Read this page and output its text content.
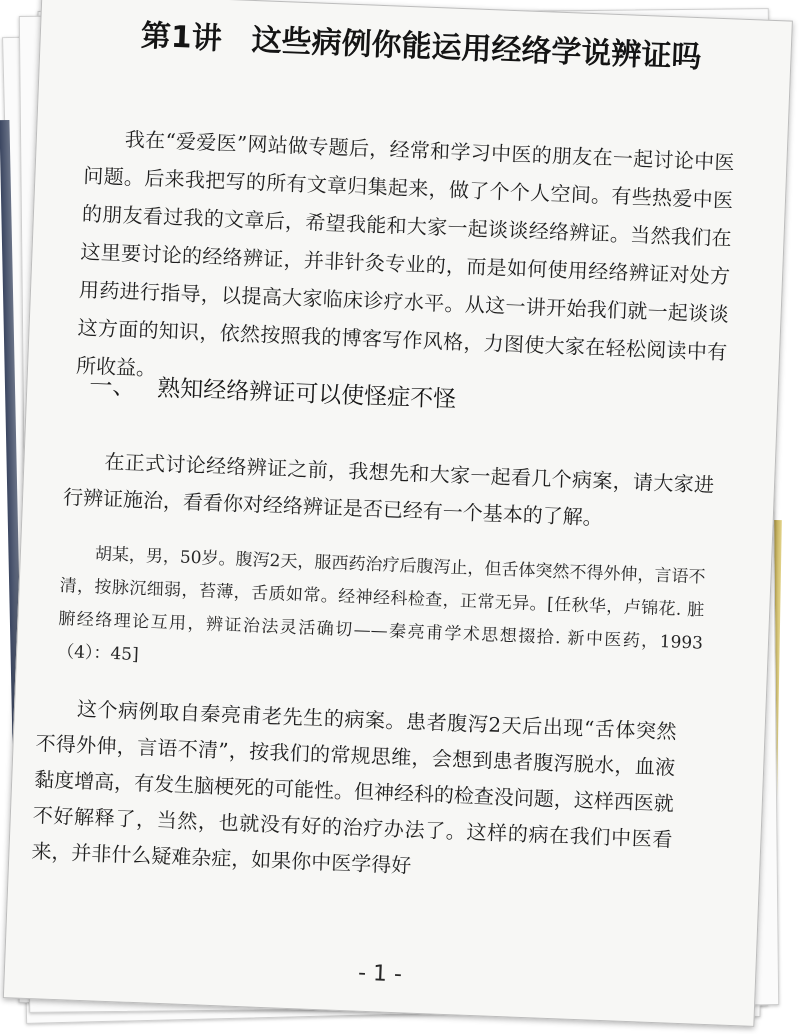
第1讲 这些病例你能运用经络学说辨证吗

我在“爱爱医”网站做专题后，经常和学习中医的朋友在一起讨论中医问题。后来我把写的所有文章归集起来，做了个个人空间。有些热爱中医的朋友看过我的文章后，希望我能和大家一起谈谈经络辨证。当然我们在这里要讨论的经络辨证，并非针灸专业的，而是如何使用经络辨证对处方用药进行指导，以提高大家临床诊疗水平。从这一讲开始我们就一起谈谈这方面的知识，依然按照我的博客写作风格，力图使大家在轻松阅读中有所收益。

一、 熟知经络辨证可以使怪症不怪

在正式讨论经络辨证之前，我想先和大家一起看几个病案，请大家进行辨证施治，看看你对经络辨证是否已经有一个基本的了解。

胡某，男，50岁。腹泻2天，服西药治疗后腹泻止，但舌体突然不得外伸，言语不清，按脉沉细弱，苔薄，舌质如常。经神经科检查，正常无异。[任秋华，卢锦花. 脏腑经络理论互用，辨证治法灵活确切——秦亮甫学术思想掇拾. 新中医药，1993（4）：45]

这个病例取自秦亮甫老先生的病案。患者腹泻2天后出现“舌体突然不得外伸，言语不清”，按我们的常规思维，会想到患者腹泻脱水，血液黏度增高，有发生脑梗死的可能性。但神经科的检查没问题，这样西医就不好解释了，当然，也就没有好的治疗办法了。这样的病在我们中医看来，并非什么疑难杂症，如果你中医学得好

- 1 -
